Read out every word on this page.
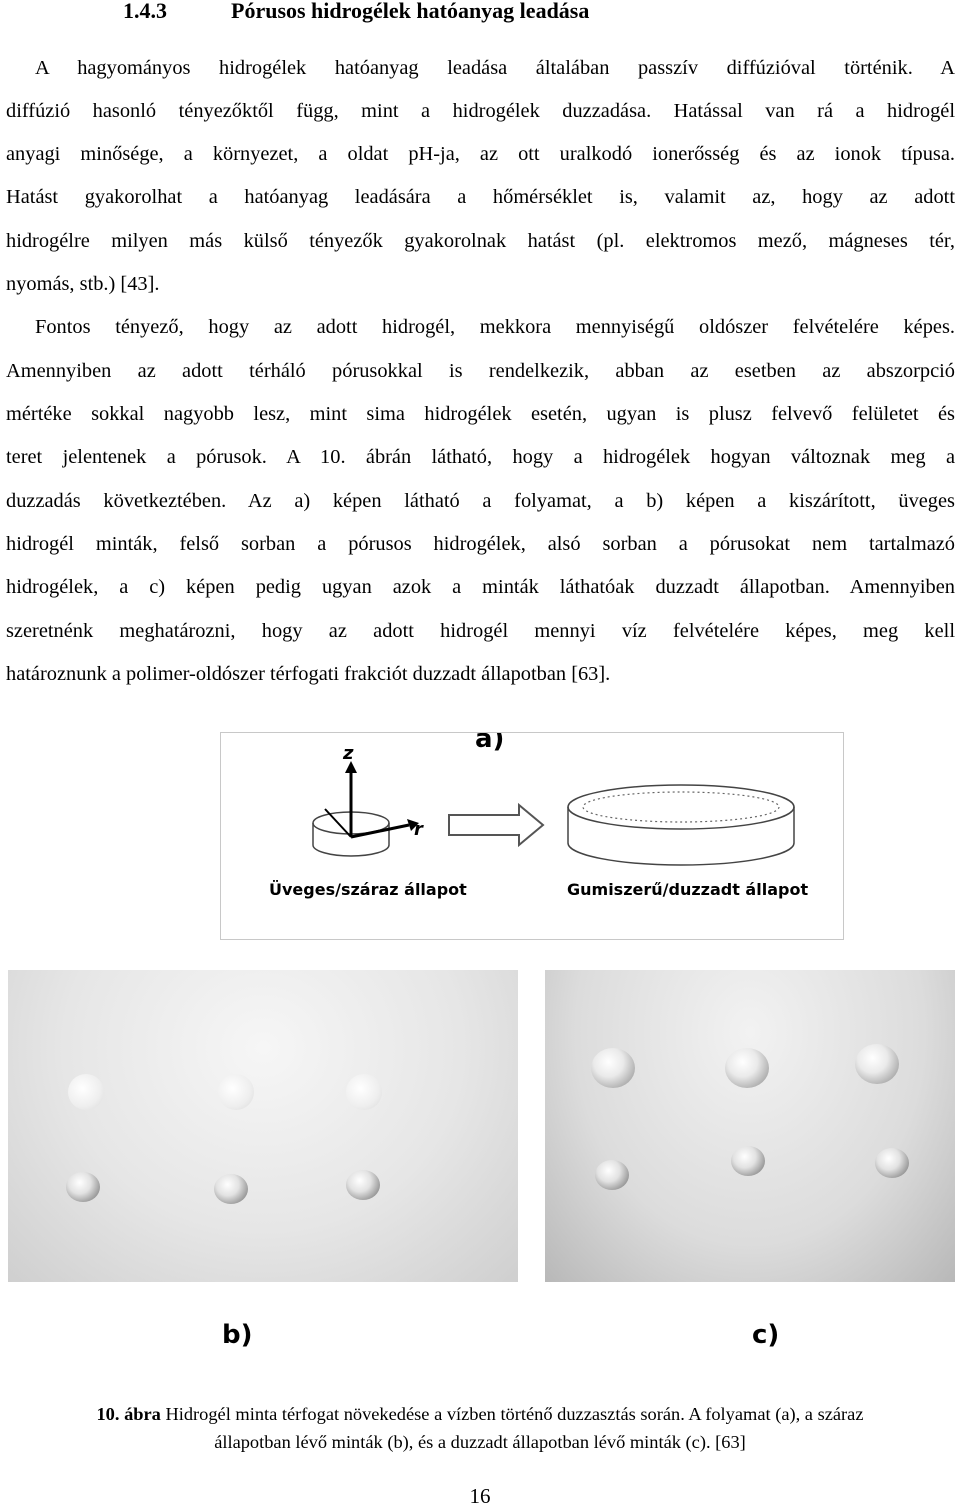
1.4.3	Pórusos hidrogélek hatóanyag leadása
A hagyományos hidrogélek hatóanyag leadása általában passzív diffúzióval történik. A
diffúzió hasonló tényezőktől függ, mint a hidrogélek duzzadása. Hatással van rá a hidrogél
anyagi minősége, a környezet, a oldat pH-ja, az ott uralkodó ionerősség és az ionok típusa.
Hatást gyakorolhat a hatóanyag leadására a hőmérséklet is, valamit az, hogy az adott
hidrogélre milyen más külső tényezők gyakorolnak hatást (pl. elektromos mező, mágneses tér,
nyomás, stb.) [43].
Fontos tényező, hogy az adott hidrogél, mekkora mennyiségű oldószer felvételére képes.
Amennyiben az adott térháló pórusokkal is rendelkezik, abban az esetben az abszorpció
mértéke sokkal nagyobb lesz, mint sima hidrogélek esetén, ugyan is plusz felvevő felületet és
teret jelentenek a pórusok. A 10. ábrán látható, hogy a hidrogélek hogyan változnak meg a
duzzadás következtében. Az a) képen látható a folyamat, a b) képen a kiszárított, üveges
hidrogél minták, felső sorban a pórusos hidrogélek, alsó sorban a pórusokat nem tartalmazó
hidrogélek, a c) képen pedig ugyan azok a minták láthatóak duzzadt állapotban. Amennyiben
szeretnénk meghatározni, hogy az adott hidrogél mennyi víz felvételére képes, meg kell
határoznunk a polimer-oldószer térfogati frakciót duzzadt állapotban [63].
a)
z
r
Üveges/száraz állapot	Gumiszerű/duzzadt állapot
b)	c)
10. ábra Hidrogél minta térfogat növekedése a vízben történő duzzasztás során. A folyamat (a), a száraz
állapotban lévő minták (b), és a duzzadt állapotban lévő minták (c). [63]
16
